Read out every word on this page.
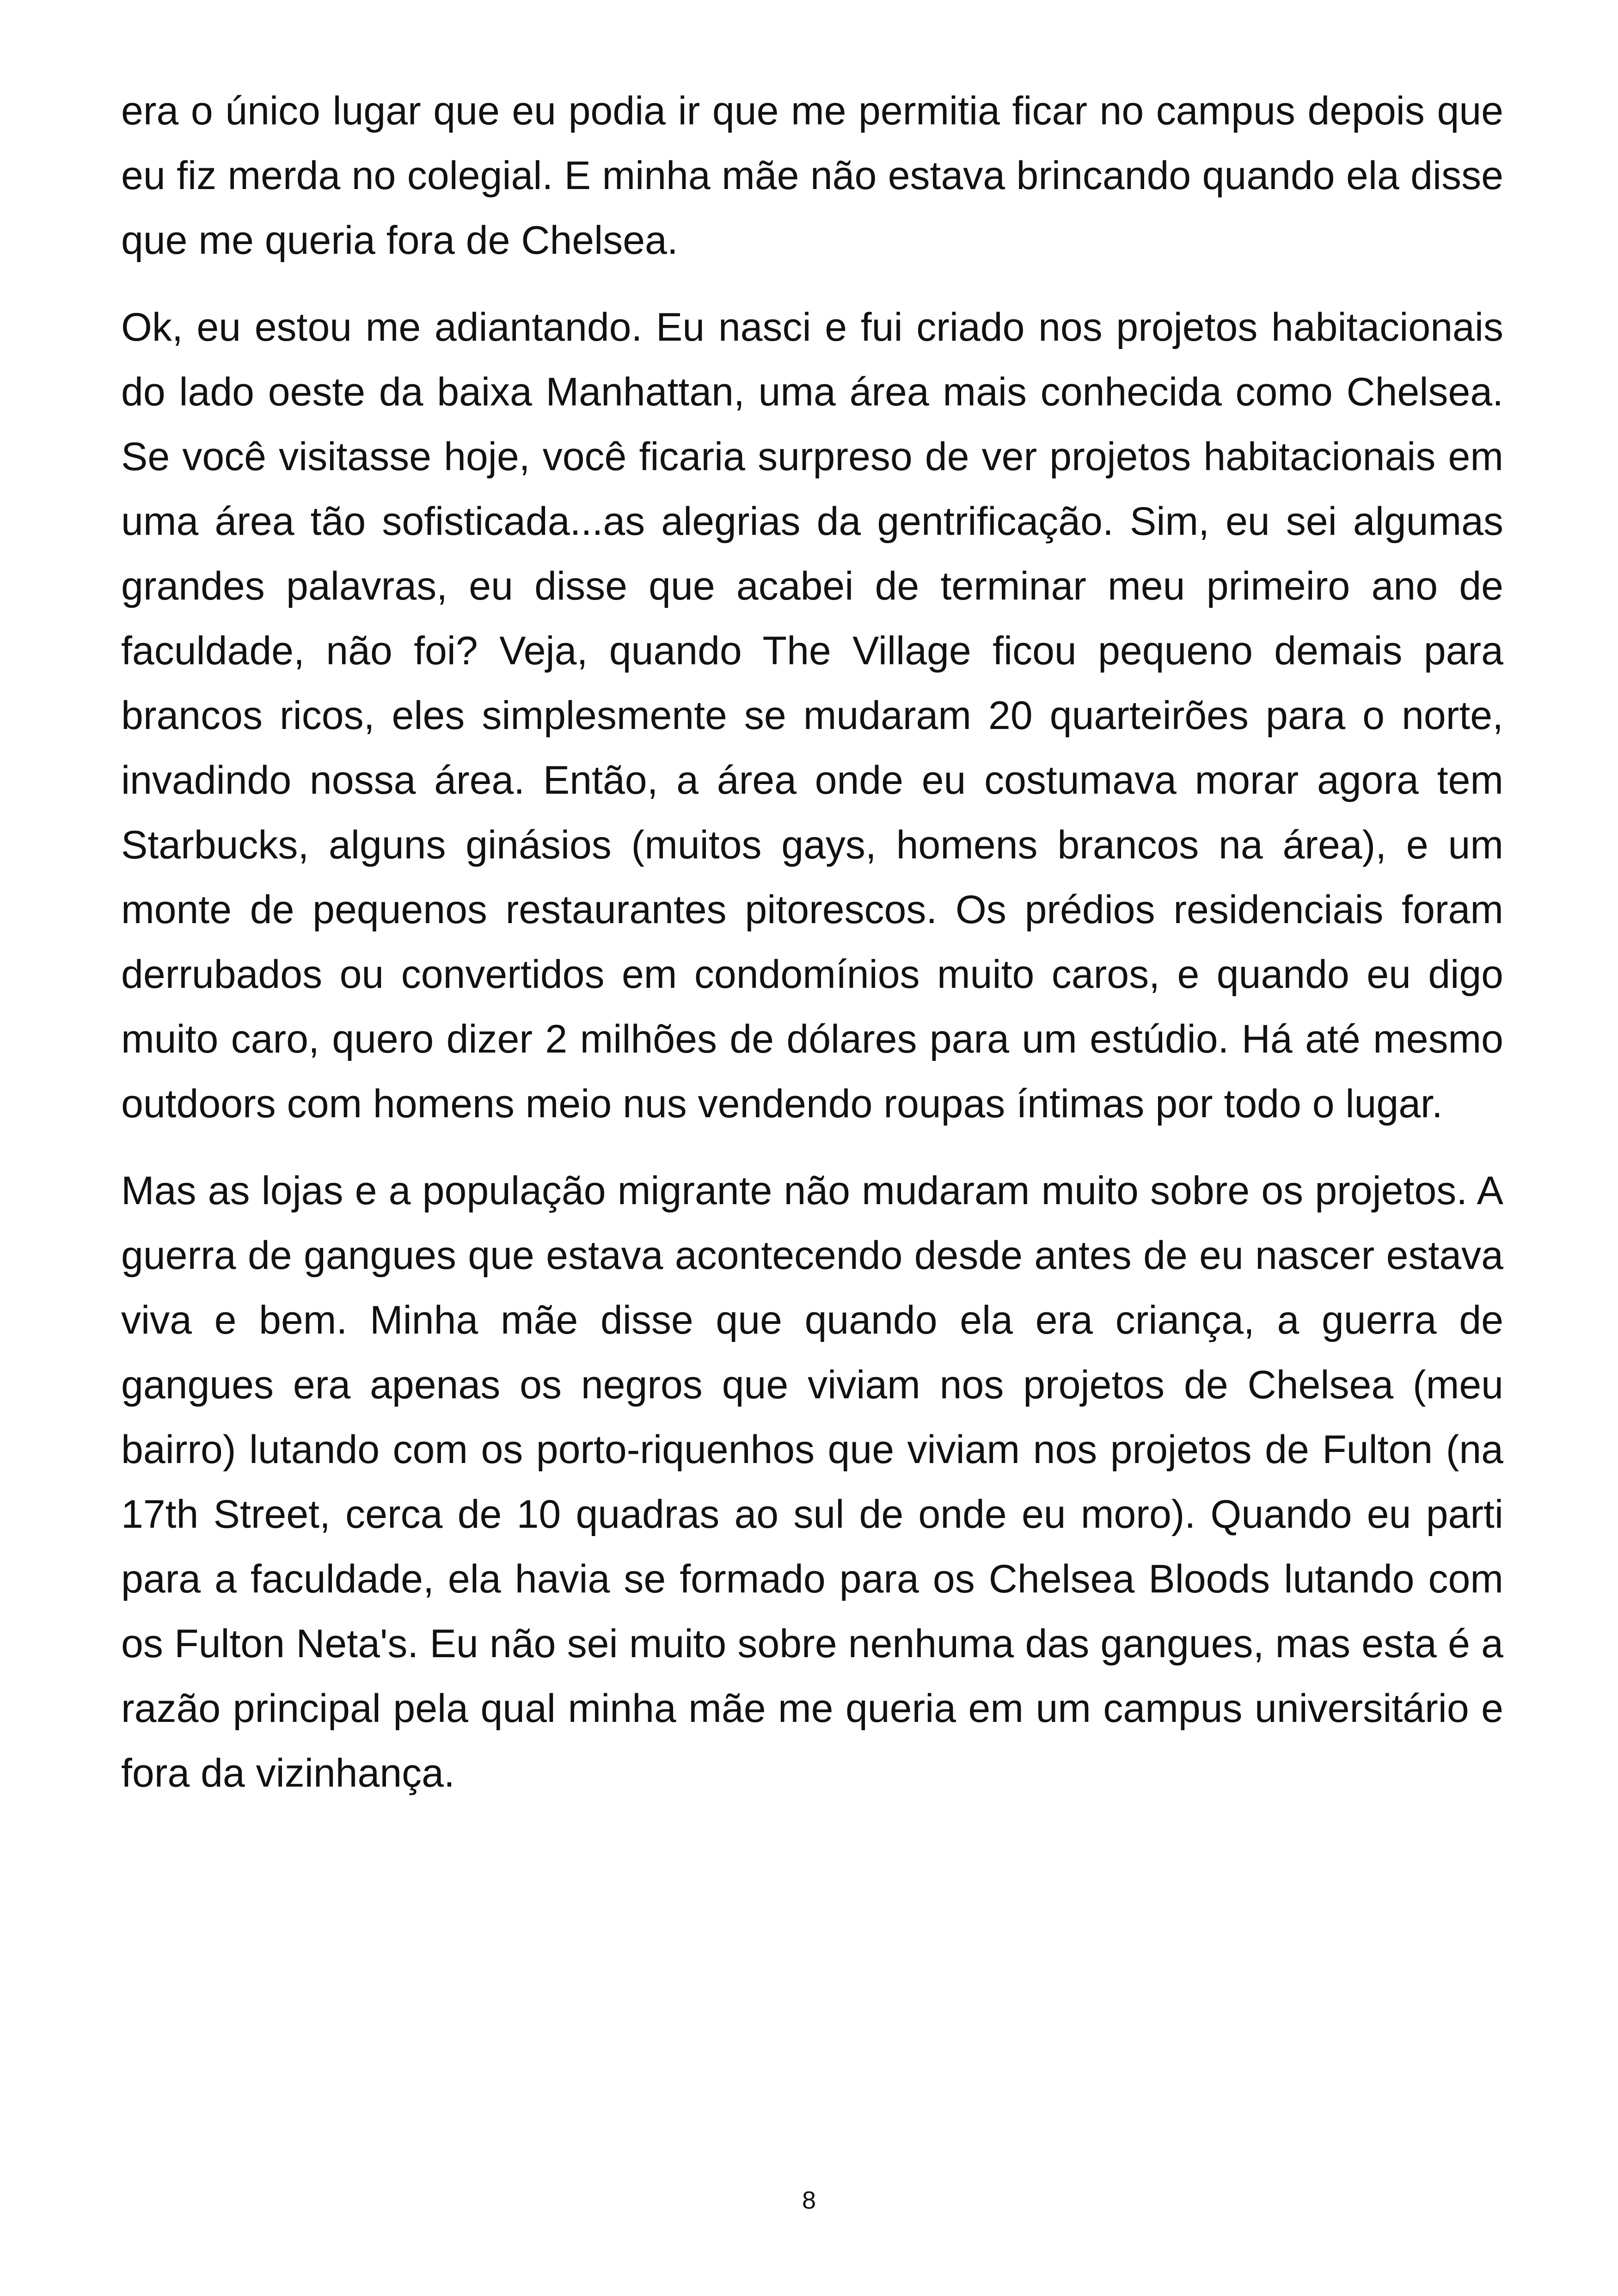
era o único lugar que eu podia ir que me permitia ficar no campus depois que eu fiz merda no colegial. E minha mãe não estava brincando quando ela disse que me queria fora de Chelsea.

Ok, eu estou me adiantando. Eu nasci e fui criado nos projetos habitacionais do lado oeste da baixa Manhattan, uma área mais conhecida como Chelsea. Se você visitasse hoje, você ficaria surpreso de ver projetos habitacionais em uma área tão sofisticada...as alegrias da gentrificação. Sim, eu sei algumas grandes palavras, eu disse que acabei de terminar meu primeiro ano de faculdade, não foi? Veja, quando The Village ficou pequeno demais para brancos ricos, eles simplesmente se mudaram 20 quarteirões para o norte, invadindo nossa área. Então, a área onde eu costumava morar agora tem Starbucks, alguns ginásios (muitos gays, homens brancos na área), e um monte de pequenos restaurantes pitorescos. Os prédios residenciais foram derrubados ou convertidos em condomínios muito caros, e quando eu digo muito caro, quero dizer 2 milhões de dólares para um estúdio. Há até mesmo outdoors com homens meio nus vendendo roupas íntimas por todo o lugar.

Mas as lojas e a população migrante não mudaram muito sobre os projetos. A guerra de gangues que estava acontecendo desde antes de eu nascer estava viva e bem. Minha mãe disse que quando ela era criança, a guerra de gangues era apenas os negros que viviam nos projetos de Chelsea (meu bairro) lutando com os porto-riquenhos que viviam nos projetos de Fulton (na 17th Street, cerca de 10 quadras ao sul de onde eu moro). Quando eu parti para a faculdade, ela havia se formado para os Chelsea Bloods lutando com os Fulton Neta's. Eu não sei muito sobre nenhuma das gangues, mas esta é a razão principal pela qual minha mãe me queria em um campus universitário e fora da vizinhança.

8
